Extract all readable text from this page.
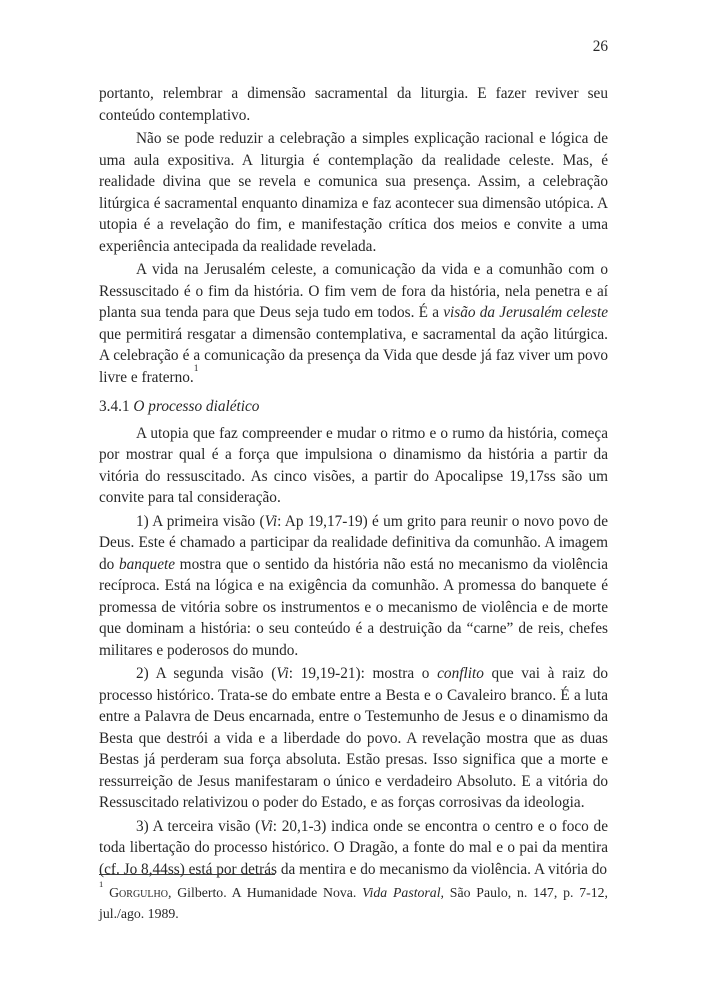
26

portanto, relembrar a dimensão sacramental da liturgia. E fazer reviver seu conteúdo contemplativo.

Não se pode reduzir a celebração a simples explicação racional e lógica de uma aula expositiva. A liturgia é contemplação da realidade celeste. Mas, é realidade divina que se revela e comunica sua presença. Assim, a celebração litúrgica é sacramental enquanto dinamiza e faz acontecer sua dimensão utópica. A utopia é a revelação do fim, e manifestação crítica dos meios e convite a uma experiência antecipada da realidade revelada.

A vida na Jerusalém celeste, a comunicação da vida e a comunhão com o Ressuscitado é o fim da história. O fim vem de fora da história, nela penetra e aí planta sua tenda para que Deus seja tudo em todos. É a visão da Jerusalém celeste que permitirá resgatar a dimensão contemplativa, e sacramental da ação litúrgica. A celebração é a comunicação da presença da Vida que desde já faz viver um povo livre e fraterno.$^1$

3.4.1 O processo dialético

A utopia que faz compreender e mudar o ritmo e o rumo da história, começa por mostrar qual é a força que impulsiona o dinamismo da história a partir da vitória do ressuscitado. As cinco visões, a partir do Apocalipse 19,17ss são um convite para tal consideração.

1) A primeira visão (Vi: Ap 19,17-19) é um grito para reunir o novo povo de Deus. Este é chamado a participar da realidade definitiva da comunhão. A imagem do banquete mostra que o sentido da história não está no mecanismo da violência recíproca. Está na lógica e na exigência da comunhão. A promessa do banquete é promessa de vitória sobre os instrumentos e o mecanismo de violência e de morte que dominam a história: o seu conteúdo é a destruição da “carne” de reis, chefes militares e poderosos do mundo.

2) A segunda visão (Vi: 19,19-21): mostra o conflito que vai à raiz do processo histórico. Trata-se do embate entre a Besta e o Cavaleiro branco. É a luta entre a Palavra de Deus encarnada, entre o Testemunho de Jesus e o dinamismo da Besta que destrói a vida e a liberdade do povo. A revelação mostra que as duas Bestas já perderam sua força absoluta. Estão presas. Isso significa que a morte e ressurreição de Jesus manifestaram o único e verdadeiro Absoluto. E a vitória do Ressuscitado relativizou o poder do Estado, e as forças corrosivas da ideologia.

3) A terceira visão (Vi: 20,1-3) indica onde se encontra o centro e o foco de toda libertação do processo histórico. O Dragão, a fonte do mal e o pai da mentira (cf. Jo 8,44ss) está por detrás da mentira e do mecanismo da violência. A vitória do

$^1$ Gorgulho, Gilberto. A Humanidade Nova. Vida Pastoral, São Paulo, n. 147, p. 7-12, jul./ago. 1989.
